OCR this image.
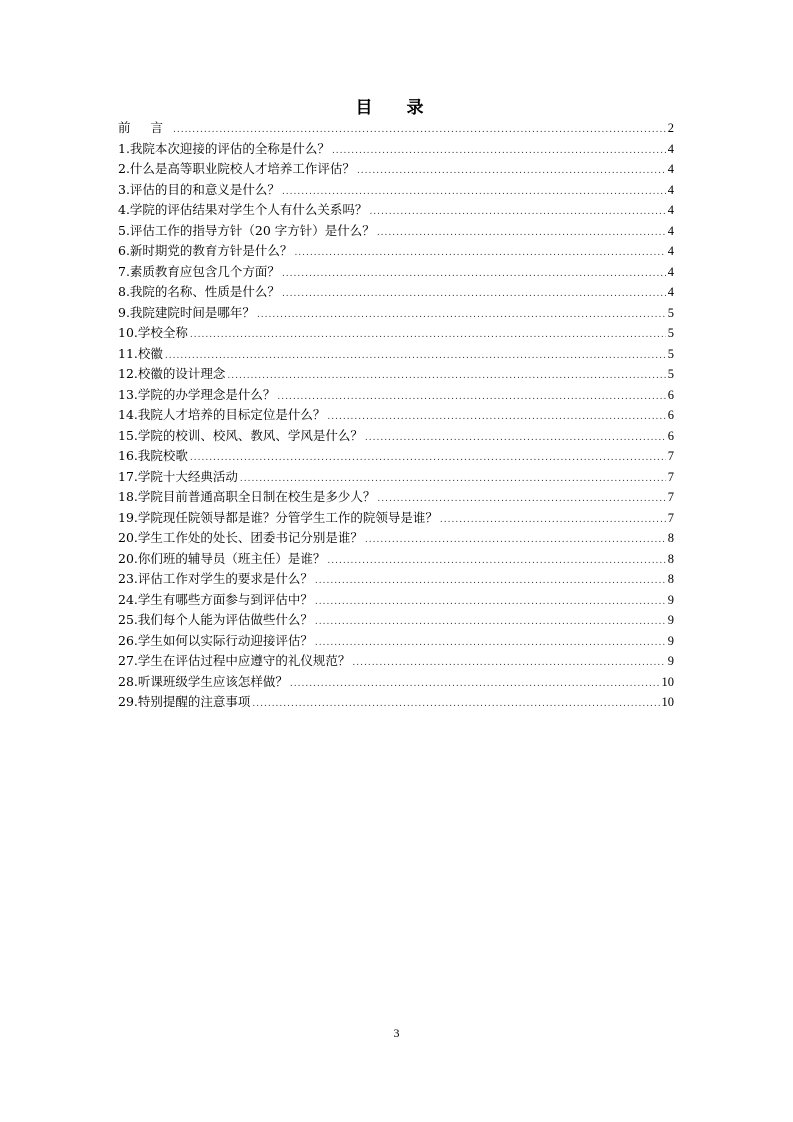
目 录
前 言 .....	2
1.我院本次迎接的评估的全称是什么？ .....	4
2.什么是高等职业院校人才培养工作评估？ .....	4
3.评估的目的和意义是什么？ .....	4
4.学院的评估结果对学生个人有什么关系吗？ .....	4
5.评估工作的指导方针（20 字方针）是什么？ .....	4
6.新时期党的教育方针是什么？ .....	4
7.素质教育应包含几个方面？ .....	4
8.我院的名称、性质是什么？ .....	4
9.我院建院时间是哪年？ .....	5
10.学校全称 .....	5
11.校徽 .....	5
12.校徽的设计理念 .....	5
13.学院的办学理念是什么？ .....	6
14.我院人才培养的目标定位是什么？ .....	6
15.学院的校训、校风、教风、学风是什么？ .....	6
16.我院校歌 .....	7
17.学院十大经典活动 .....	7
18.学院目前普通高职全日制在校生是多少人？ .....	7
19.学院现任院领导都是谁？分管学生工作的院领导是谁？ .....	7
20.学生工作处的处长、团委书记分别是谁？ .....	8
20.你们班的辅导员（班主任）是谁？ .....	8
23.评估工作对学生的要求是什么？ .....	8
24.学生有哪些方面参与到评估中？ .....	9
25.我们每个人能为评估做些什么？ .....	9
26.学生如何以实际行动迎接评估？ .....	9
27.学生在评估过程中应遵守的礼仪规范？ .....	9
28.听课班级学生应该怎样做？ .....	10
29.特别提醒的注意事项 .....	10
3
